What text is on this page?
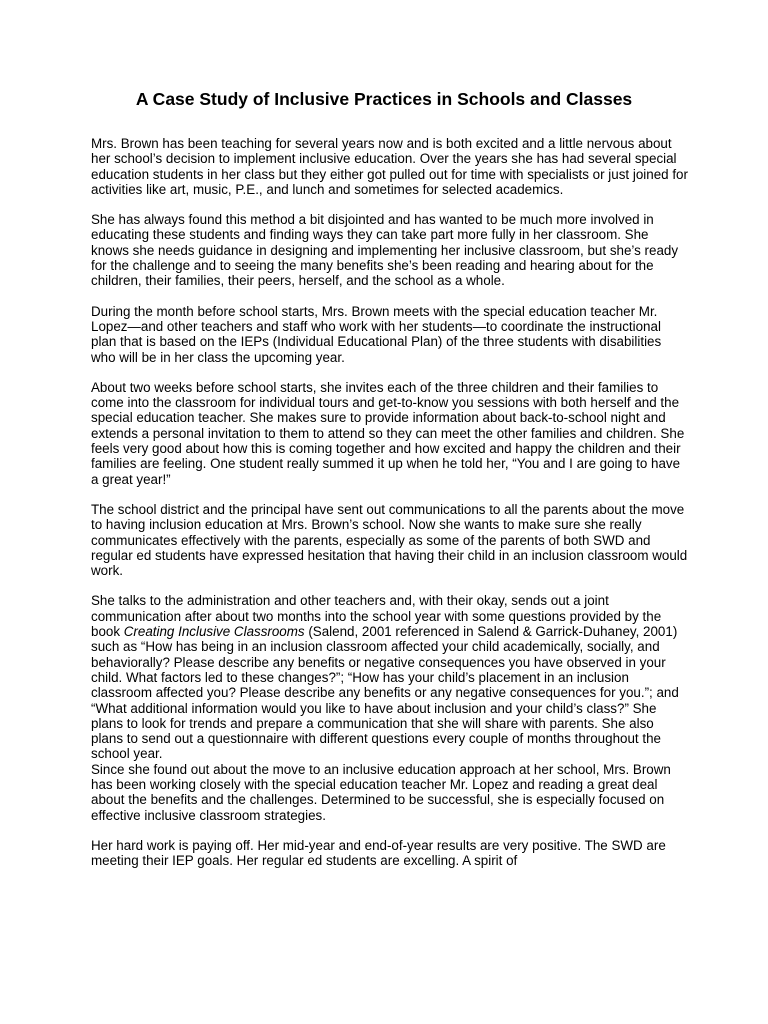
A Case Study of Inclusive Practices in Schools and Classes

Mrs. Brown has been teaching for several years now and is both excited and a little nervous about her school’s decision to implement inclusive education. Over the years she has had several special education students in her class but they either got pulled out for time with specialists or just joined for activities like art, music, P.E., and lunch and sometimes for selected academics.

She has always found this method a bit disjointed and has wanted to be much more involved in educating these students and finding ways they can take part more fully in her classroom. She knows she needs guidance in designing and implementing her inclusive classroom, but she’s ready for the challenge and to seeing the many benefits she’s been reading and hearing about for the children, their families, their peers, herself, and the school as a whole.

During the month before school starts, Mrs. Brown meets with the special education teacher Mr. Lopez—and other teachers and staff who work with her students—to coordinate the instructional plan that is based on the IEPs (Individual Educational Plan) of the three students with disabilities who will be in her class the upcoming year.

About two weeks before school starts, she invites each of the three children and their families to come into the classroom for individual tours and get-to-know you sessions with both herself and the special education teacher. She makes sure to provide information about back-to-school night and extends a personal invitation to them to attend so they can meet the other families and children. She feels very good about how this is coming together and how excited and happy the children and their families are feeling. One student really summed it up when he told her, “You and I are going to have a great year!”

The school district and the principal have sent out communications to all the parents about the move to having inclusion education at Mrs. Brown’s school. Now she wants to make sure she really communicates effectively with the parents, especially as some of the parents of both SWD and regular ed students have expressed hesitation that having their child in an inclusion classroom would work.

She talks to the administration and other teachers and, with their okay, sends out a joint communication after about two months into the school year with some questions provided by the book Creating Inclusive Classrooms (Salend, 2001 referenced in Salend & Garrick-Duhaney, 2001) such as “How has being in an inclusion classroom affected your child academically, socially, and behaviorally? Please describe any benefits or negative consequences you have observed in your child. What factors led to these changes?”; “How has your child’s placement in an inclusion classroom affected you? Please describe any benefits or any negative consequences for you.”; and “What additional information would you like to have about inclusion and your child’s class?” She plans to look for trends and prepare a communication that she will share with parents. She also plans to send out a questionnaire with different questions every couple of months throughout the school year.

Since she found out about the move to an inclusive education approach at her school, Mrs. Brown has been working closely with the special education teacher Mr. Lopez and reading a great deal about the benefits and the challenges. Determined to be successful, she is especially focused on effective inclusive classroom strategies.

Her hard work is paying off. Her mid-year and end-of-year results are very positive. The SWD are meeting their IEP goals. Her regular ed students are excelling. A spirit of
